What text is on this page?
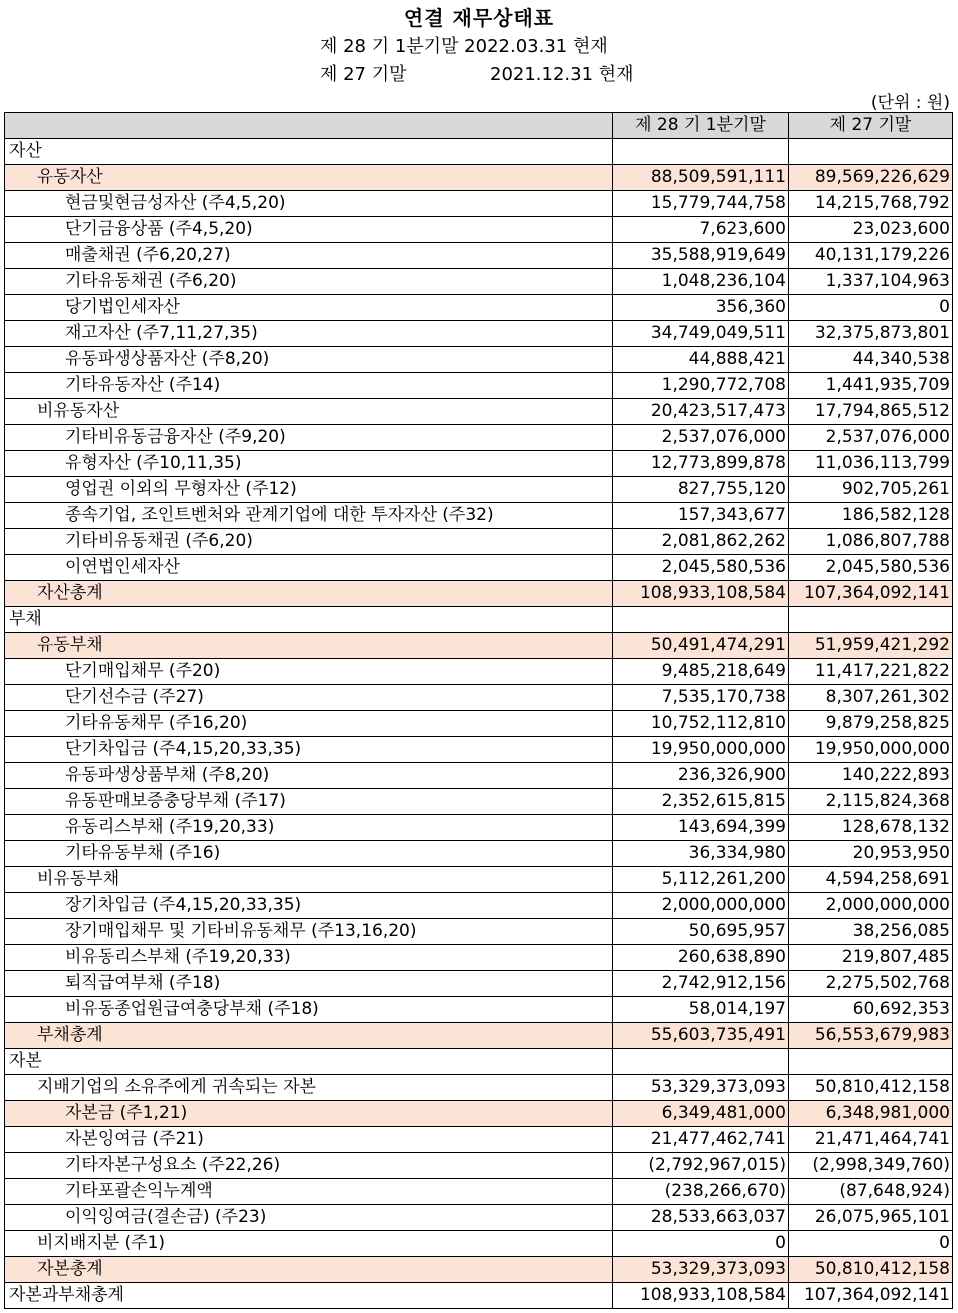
연결 재무상태표
제 28 기 1분기말 2022.03.31 현재
제 27 기말	2021.12.31 현재
(단위 : 원)
	제 28 기 1분기말	제 27 기말
자산		
유동자산	88,509,591,111	89,569,226,629
현금및현금성자산 (주4,5,20)	15,779,744,758	14,215,768,792
단기금융상품 (주4,5,20)	7,623,600	23,023,600
매출채권 (주6,20,27)	35,588,919,649	40,131,179,226
기타유동채권 (주6,20)	1,048,236,104	1,337,104,963
당기법인세자산	356,360	0
재고자산 (주7,11,27,35)	34,749,049,511	32,375,873,801
유동파생상품자산 (주8,20)	44,888,421	44,340,538
기타유동자산 (주14)	1,290,772,708	1,441,935,709
비유동자산	20,423,517,473	17,794,865,512
기타비유동금융자산 (주9,20)	2,537,076,000	2,537,076,000
유형자산 (주10,11,35)	12,773,899,878	11,036,113,799
영업권 이외의 무형자산 (주12)	827,755,120	902,705,261
종속기업, 조인트벤처와 관계기업에 대한 투자자산 (주32)	157,343,677	186,582,128
기타비유동채권 (주6,20)	2,081,862,262	1,086,807,788
이연법인세자산	2,045,580,536	2,045,580,536
자산총계	108,933,108,584	107,364,092,141
부채		
유동부채	50,491,474,291	51,959,421,292
단기매입채무 (주20)	9,485,218,649	11,417,221,822
단기선수금 (주27)	7,535,170,738	8,307,261,302
기타유동채무 (주16,20)	10,752,112,810	9,879,258,825
단기차입금 (주4,15,20,33,35)	19,950,000,000	19,950,000,000
유동파생상품부채 (주8,20)	236,326,900	140,222,893
유동판매보증충당부채 (주17)	2,352,615,815	2,115,824,368
유동리스부채 (주19,20,33)	143,694,399	128,678,132
기타유동부채 (주16)	36,334,980	20,953,950
비유동부채	5,112,261,200	4,594,258,691
장기차입금 (주4,15,20,33,35)	2,000,000,000	2,000,000,000
장기매입채무 및 기타비유동채무 (주13,16,20)	50,695,957	38,256,085
비유동리스부채 (주19,20,33)	260,638,890	219,807,485
퇴직급여부채 (주18)	2,742,912,156	2,275,502,768
비유동종업원급여충당부채 (주18)	58,014,197	60,692,353
부채총계	55,603,735,491	56,553,679,983
자본		
지배기업의 소유주에게 귀속되는 자본	53,329,373,093	50,810,412,158
자본금 (주1,21)	6,349,481,000	6,348,981,000
자본잉여금 (주21)	21,477,462,741	21,471,464,741
기타자본구성요소 (주22,26)	(2,792,967,015)	(2,998,349,760)
기타포괄손익누계액	(238,266,670)	(87,648,924)
이익잉여금(결손금) (주23)	28,533,663,037	26,075,965,101
비지배지분 (주1)	0	0
자본총계	53,329,373,093	50,810,412,158
자본과부채총계	108,933,108,584	107,364,092,141
